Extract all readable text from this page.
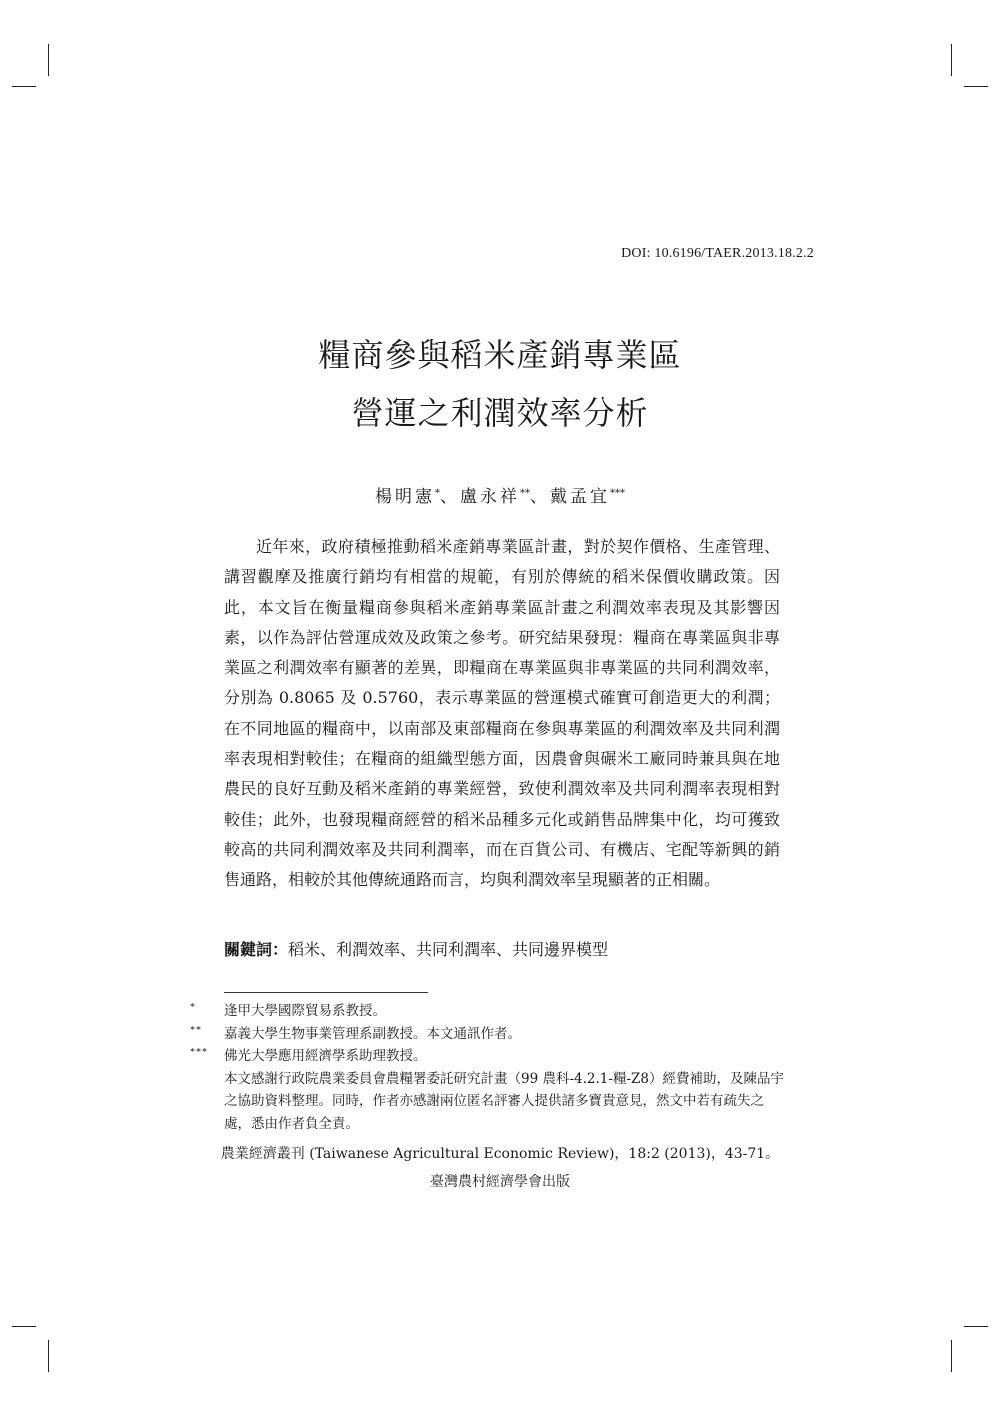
DOI: 10.6196/TAER.2013.18.2.2
糧商參與稻米產銷專業區
營運之利潤效率分析
楊明憲*、盧永祥**、戴孟宜***
近年來，政府積極推動稻米產銷專業區計畫，對於契作價格、生產管理、講習觀摩及推廣行銷均有相當的規範，有別於傳統的稻米保價收購政策。因此，本文旨在衡量糧商參與稻米產銷專業區計畫之利潤效率表現及其影響因素，以作為評估營運成效及政策之參考。研究結果發現：糧商在專業區與非專業區之利潤效率有顯著的差異，即糧商在專業區與非專業區的共同利潤效率，分別為 0.8065 及 0.5760，表示專業區的營運模式確實可創造更大的利潤；在不同地區的糧商中，以南部及東部糧商在參與專業區的利潤效率及共同利潤率表現相對較佳；在糧商的組織型態方面，因農會與碾米工廠同時兼具與在地農民的良好互動及稻米產銷的專業經營，致使利潤效率及共同利潤率表現相對較佳；此外，也發現糧商經營的稻米品種多元化或銷售品牌集中化，均可獲致較高的共同利潤效率及共同利潤率，而在百貨公司、有機店、宅配等新興的銷售通路，相較於其他傳統通路而言，均與利潤效率呈現顯著的正相關。
關鍵詞：稻米、利潤效率、共同利潤率、共同邊界模型
* 逢甲大學國際貿易系教授。
** 嘉義大學生物事業管理系副教授。本文通訊作者。
*** 佛光大學應用經濟學系助理教授。
本文感謝行政院農業委員會農糧署委託研究計畫（99 農科-4.2.1-糧-Z8）經費補助，及陳品宇之協助資料整理。同時，作者亦感謝兩位匿名評審人提供諸多寶貴意見，然文中若有疏失之處，悉由作者負全責。
農業經濟叢刊 (Taiwanese Agricultural Economic Review)，18:2 (2013)，43-71。
臺灣農村經濟學會出版
